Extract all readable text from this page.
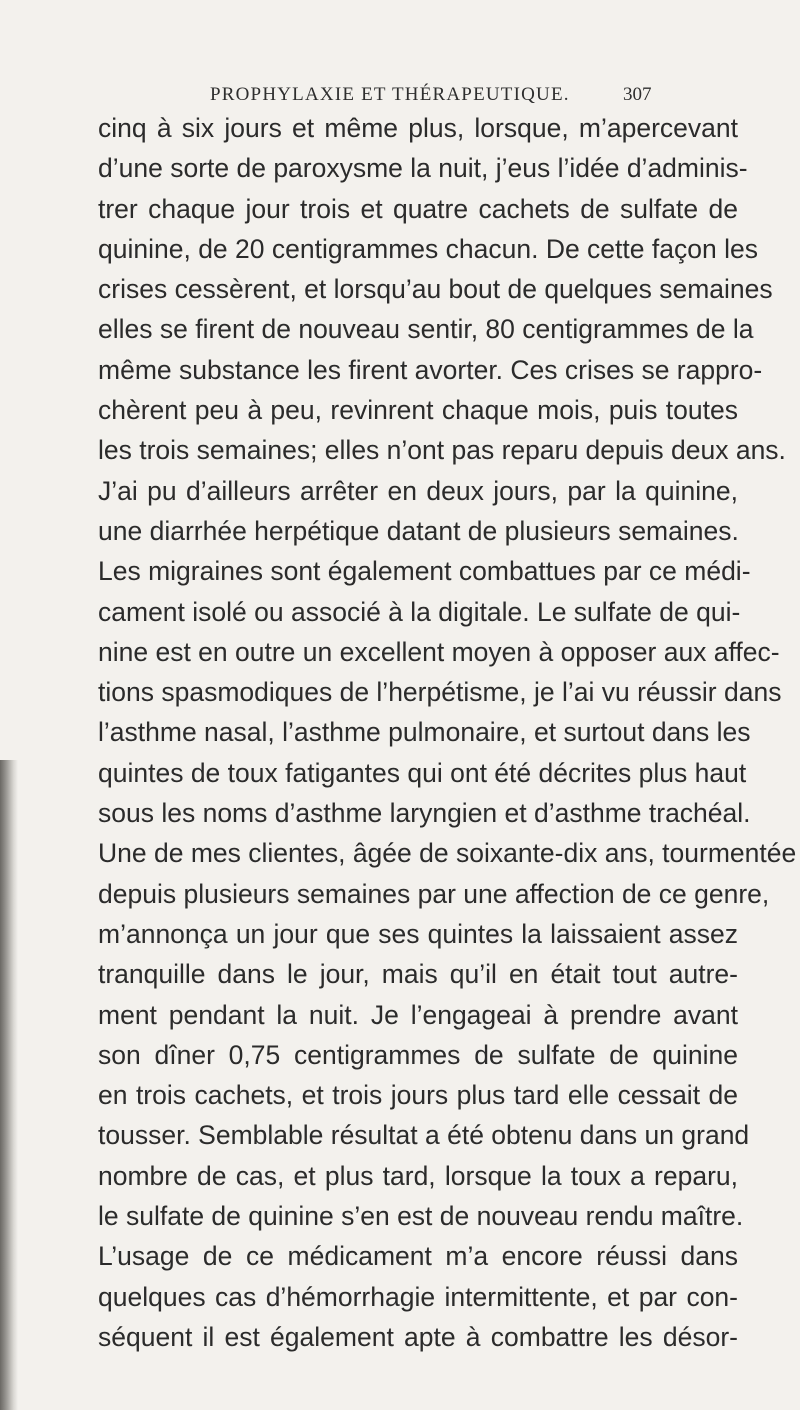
PROPHYLAXIE ET THÉRAPEUTIQUE.	307
cinq à six jours et même plus, lorsque, m’apercevant
d’une sorte de paroxysme la nuit, j’eus l’idée d’adminis-
trer chaque jour trois et quatre cachets de sulfate de
quinine, de 20 centigrammes chacun. De cette façon les
crises cessèrent, et lorsqu’au bout de quelques semaines
elles se firent de nouveau sentir, 80 centigrammes de la
même substance les firent avorter. Ces crises se rappro-
chèrent peu à peu, revinrent chaque mois, puis toutes
les trois semaines; elles n’ont pas reparu depuis deux ans.
J’ai pu d’ailleurs arrêter en deux jours, par la quinine,
une diarrhée herpétique datant de plusieurs semaines.
Les migraines sont également combattues par ce médi-
cament isolé ou associé à la digitale. Le sulfate de qui-
nine est en outre un excellent moyen à opposer aux affec-
tions spasmodiques de l’herpétisme, je l’ai vu réussir dans
l’asthme nasal, l’asthme pulmonaire, et surtout dans les
quintes de toux fatigantes qui ont été décrites plus haut
sous les noms d’asthme laryngien et d’asthme trachéal.
Une de mes clientes, âgée de soixante-dix ans, tourmentée
depuis plusieurs semaines par une affection de ce genre,
m’annonça un jour que ses quintes la laissaient assez
tranquille dans le jour, mais qu’il en était tout autre-
ment pendant la nuit. Je l’engageai à prendre avant
son dîner 0,75 centigrammes de sulfate de quinine
en trois cachets, et trois jours plus tard elle cessait de
tousser. Semblable résultat a été obtenu dans un grand
nombre de cas, et plus tard, lorsque la toux a reparu,
le sulfate de quinine s’en est de nouveau rendu maître.
L’usage de ce médicament m’a encore réussi dans
quelques cas d’hémorrhagie intermittente, et par con-
séquent il est également apte à combattre les désor-
